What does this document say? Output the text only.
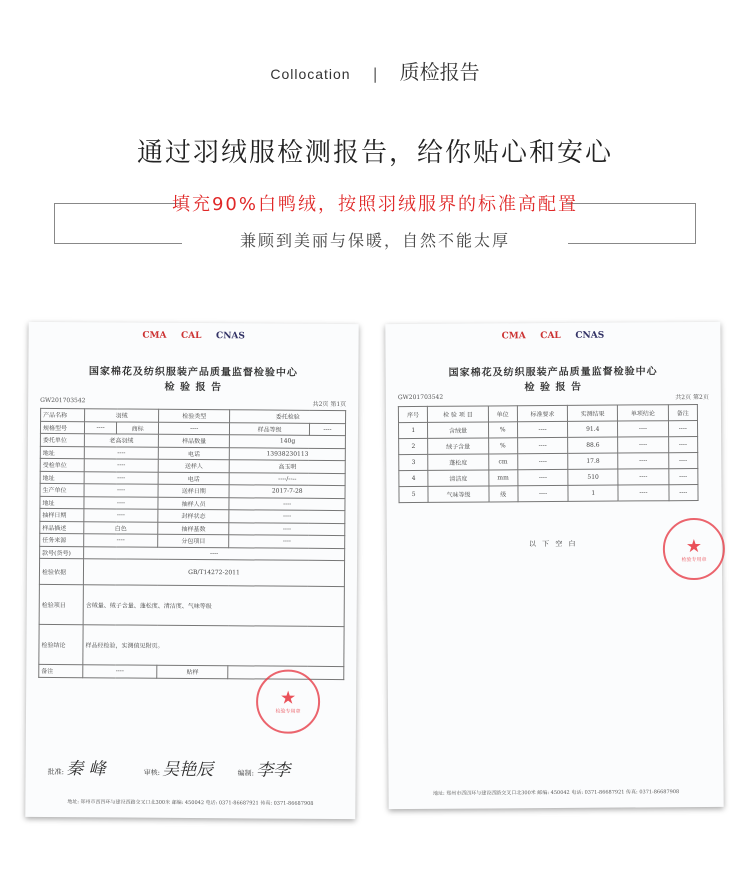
Collocation | 质检报告
通过羽绒服检测报告，给你贴心和安心
填充90%白鸭绒，按照羽绒服界的标准高配置
兼顾到美丽与保暖，自然不能太厚
CMA CAL CNAS
国家棉花及纺织服装产品质量监督检验中心
检 验 报 告
GW201703542
共2页 第1页
产品名称	羽绒		检验类型	委托检验	
规格型号	----	商标	----	样品等级	----
委托单位	老高羽绒		样品数量	140g	
地址	----		电话	13938230113	
受检单位	----		送样人	高玉明	
地址	----		电话	----/----	
生产单位	----		送样日期	2017-7-28	
地址	----		抽样人员	----	
抽样日期	----		封样状态	----	
样品描述	白色		抽样基数	----	
任务来源	----		分包项目	----	
款号(货号)	----				
检验依据	GB/T14272-2011				
检验项目	含绒量、绒子含量、蓬松度、清洁度、气味等级				
检验结论	样品经检验，实测值见附页。				
备注	----		贴样		
批准: 秦 峰	审核: 吴艳辰	编制: 李李
★
检验专用章
地址: 郑州市西四环与建设西路交叉口北300米 邮编: 450042 电话: 0371-86687921 传真: 0371-86687908
CMA CAL CNAS
国家棉花及纺织服装产品质量监督检验中心
检 验 报 告
GW201703542	共2页 第2页
序号	检 验 项 目	单位	标准要求	实测结果	单项结论	备注
1	含绒量	%	----	91.4	----	----
2	绒子含量	%	----	88.6	----	----
3	蓬松度	cm	----	17.8	----	----
4	清洁度	mm	----	510	----	----
5	气味等级	级	----	1	----	----
以 下 空 白	★
检验专用章
地址: 郑州市西四环与建设西路交叉口北300米 邮编: 450042 电话: 0371-86687921 传真: 0371-86687908
